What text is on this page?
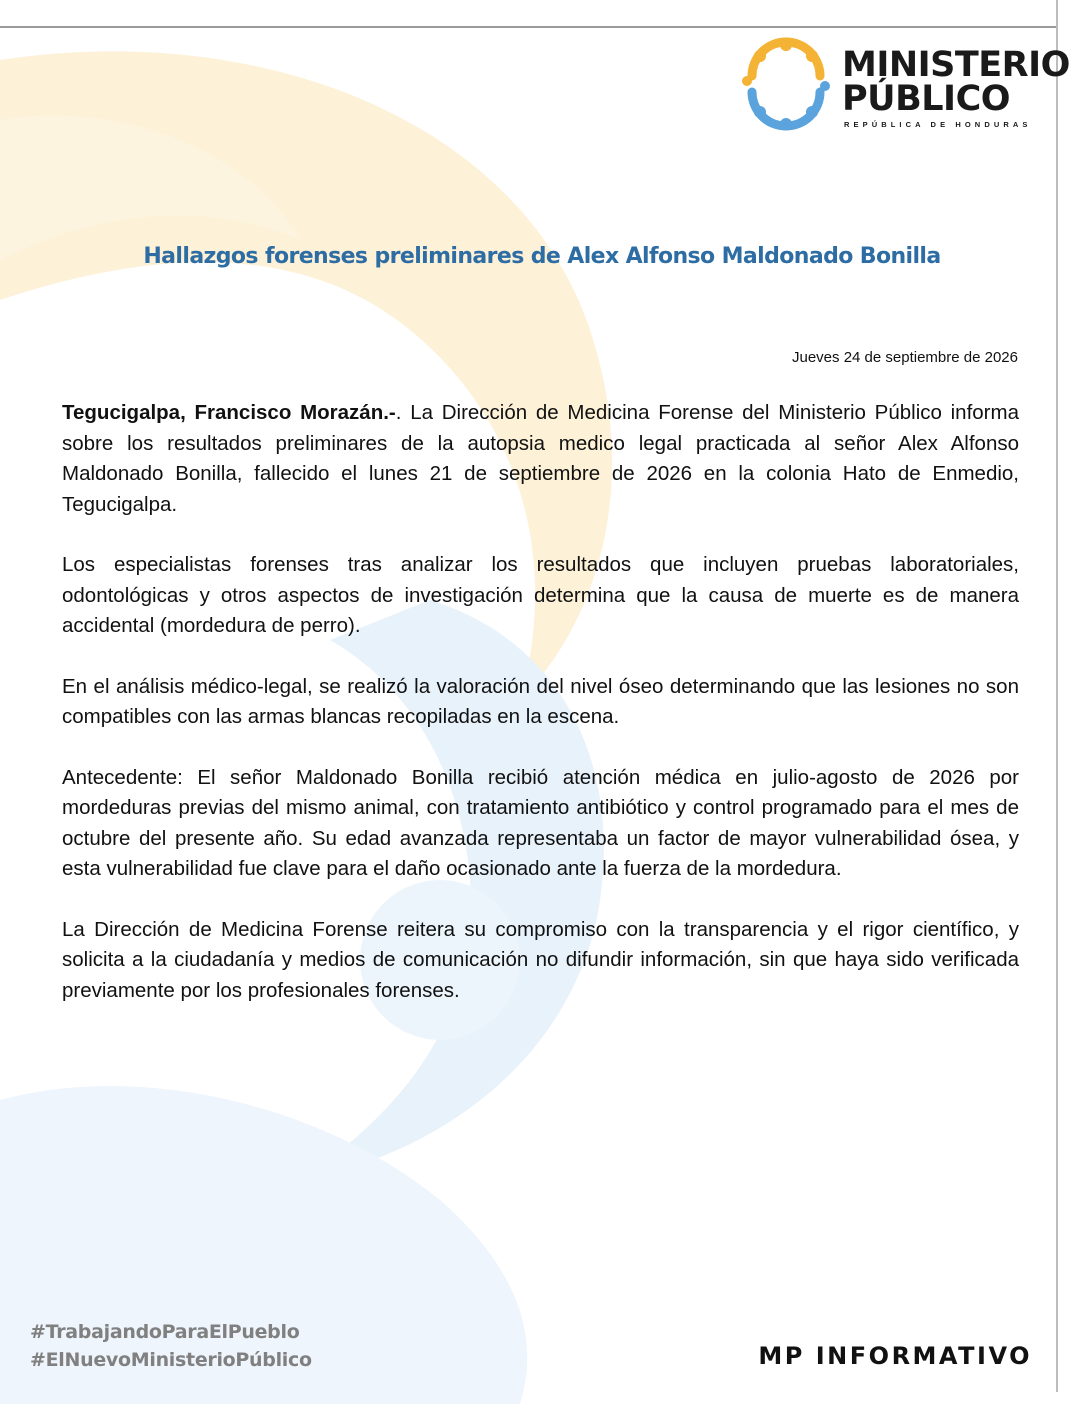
MINISTERIO
PÚBLICO
REPÚBLICA DE HONDURAS
Hallazgos forenses preliminares de Alex Alfonso Maldonado Bonilla
Jueves 24 de septiembre de 2026

Tegucigalpa, Francisco Morazán.-. La Dirección de Medicina Forense del Ministerio Público informa sobre los resultados preliminares de la autopsia medico legal practicada al señor Alex Alfonso Maldonado Bonilla, fallecido el lunes 21 de septiembre de 2026 en la colonia Hato de Enmedio, Tegucigalpa.

Los especialistas forenses tras analizar los resultados que incluyen pruebas laboratoriales, odontológicas y otros aspectos de investigación determina que la causa de muerte es de manera accidental (mordedura de perro).

En el análisis médico-legal, se realizó la valoración del nivel óseo determinando que las lesiones no son compatibles con las armas blancas recopiladas en la escena.

Antecedente: El señor Maldonado Bonilla recibió atención médica en julio-agosto de 2026 por mordeduras previas del mismo animal, con tratamiento antibiótico y control programado para el mes de octubre del presente año. Su edad avanzada representaba un factor de mayor vulnerabilidad ósea, y esta vulnerabilidad fue clave para el daño ocasionado ante la fuerza de la mordedura.

La Dirección de Medicina Forense reitera su compromiso con la transparencia y el rigor científico, y solicita a la ciudadanía y medios de comunicación no difundir información, sin que haya sido verificada previamente por los profesionales forenses.

#TrabajandoParaElPueblo
#ElNuevoMinisterioPúblico	MP INFORMATIVO
